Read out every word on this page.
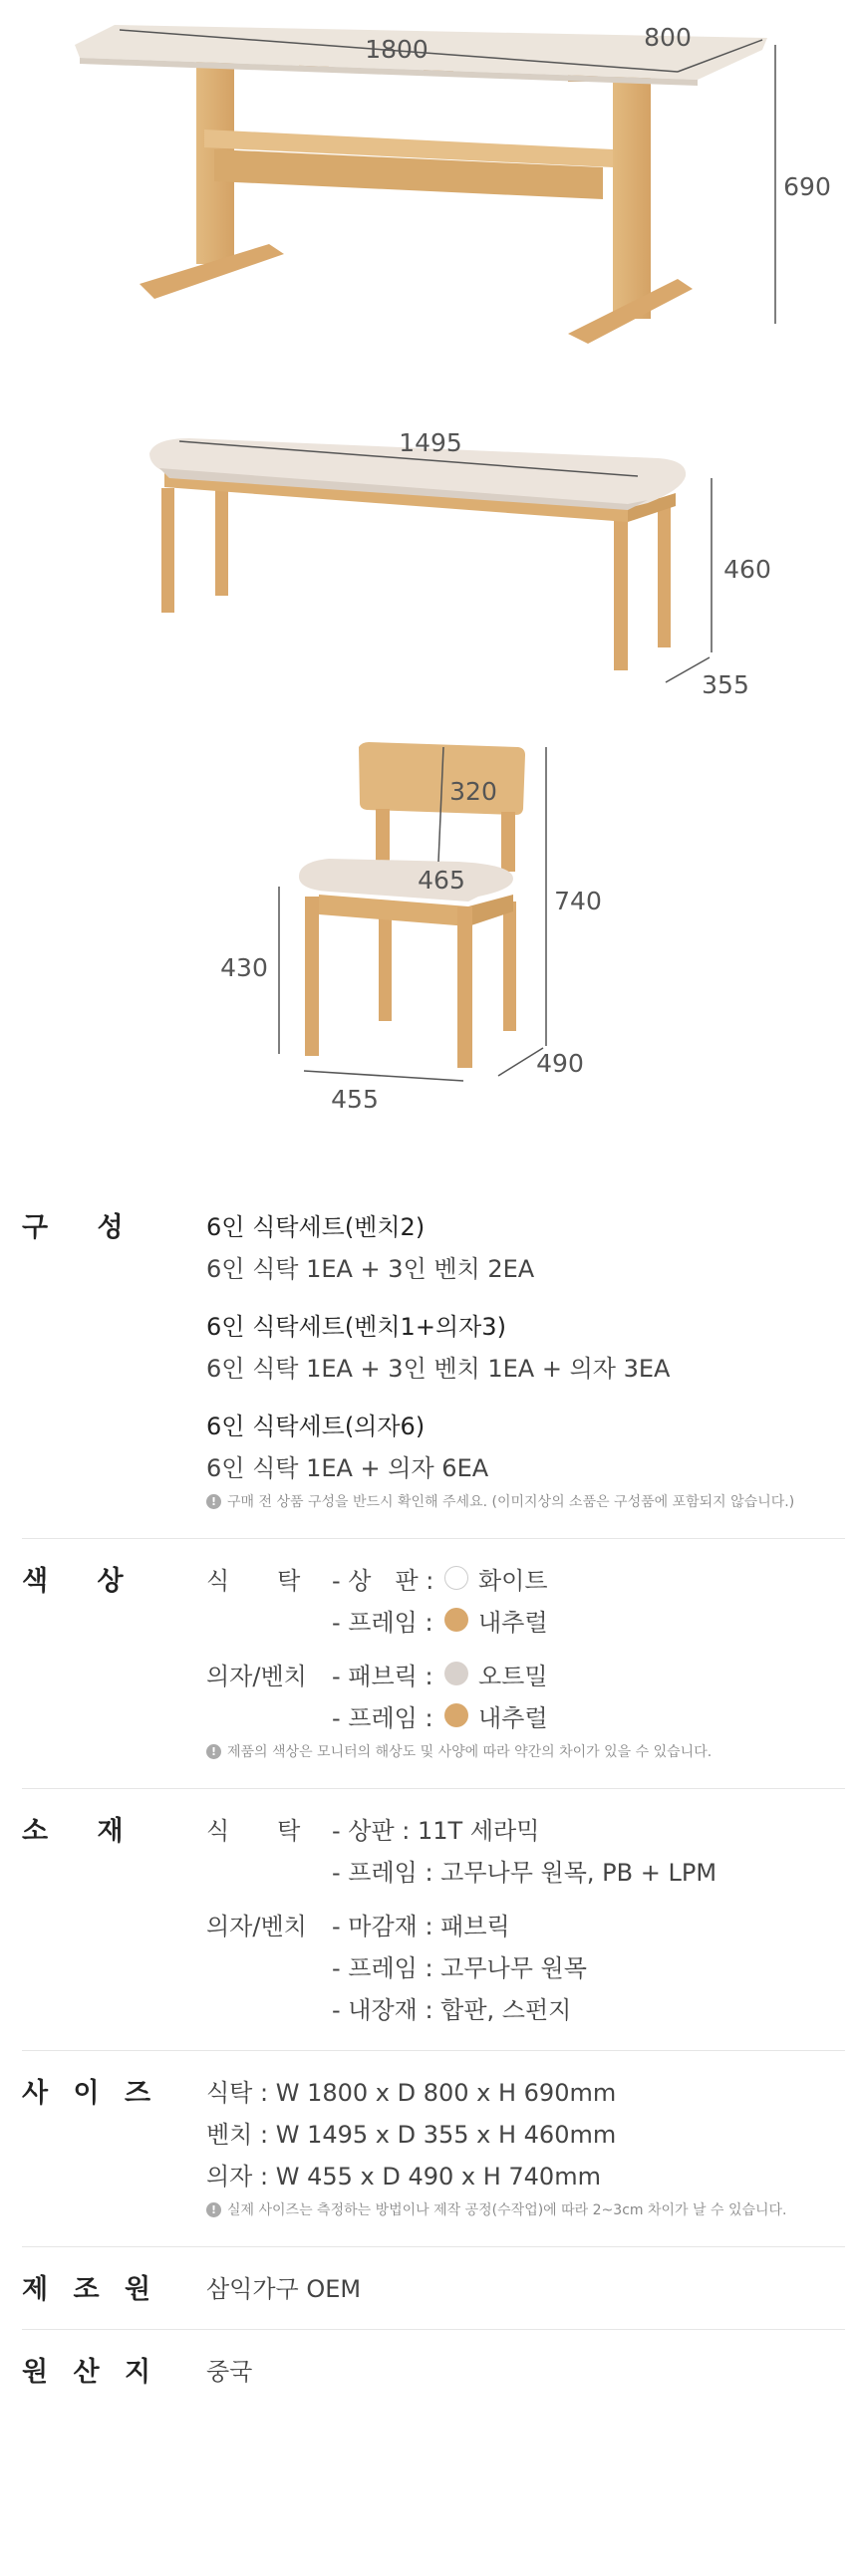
1800	800
690
1495
460
355
320
465
740
430
455
490
구 성	6인 식탁세트(벤치2)
6인 식탁 1EA + 3인 벤치 2EA
6인 식탁세트(벤치1+의자3)
6인 식탁 1EA + 3인 벤치 1EA + 의자 3EA
6인 식탁세트(의자6)
6인 식탁 1EA + 의자 6EA
! 구매 전 상품 구성을 반드시 확인해 주세요. (이미지상의 소품은 구성품에 포함되지 않습니다.)
색 상	식　　탁	- 상　판 : 화이트
- 프레임 : 내추럴
의자/벤치	- 패브릭 : 오트밀
- 프레임 : 내추럴
! 제품의 색상은 모니터의 해상도 및 사양에 따라 약간의 차이가 있을 수 있습니다.
소 재	식　　탁	- 상판 : 11T 세라믹
- 프레임 : 고무나무 원목, PB + LPM
의자/벤치	- 마감재 : 패브릭
- 프레임 : 고무나무 원목
- 내장재 : 합판, 스펀지
사 이 즈	식탁 : W 1800 x D 800 x H 690mm
벤치 : W 1495 x D 355 x H 460mm
의자 : W 455 x D 490 x H 740mm
! 실제 사이즈는 측정하는 방법이나 제작 공정(수작업)에 따라 2~3cm 차이가 날 수 있습니다.
제 조 원	삼익가구 OEM
원 산 지	중국
